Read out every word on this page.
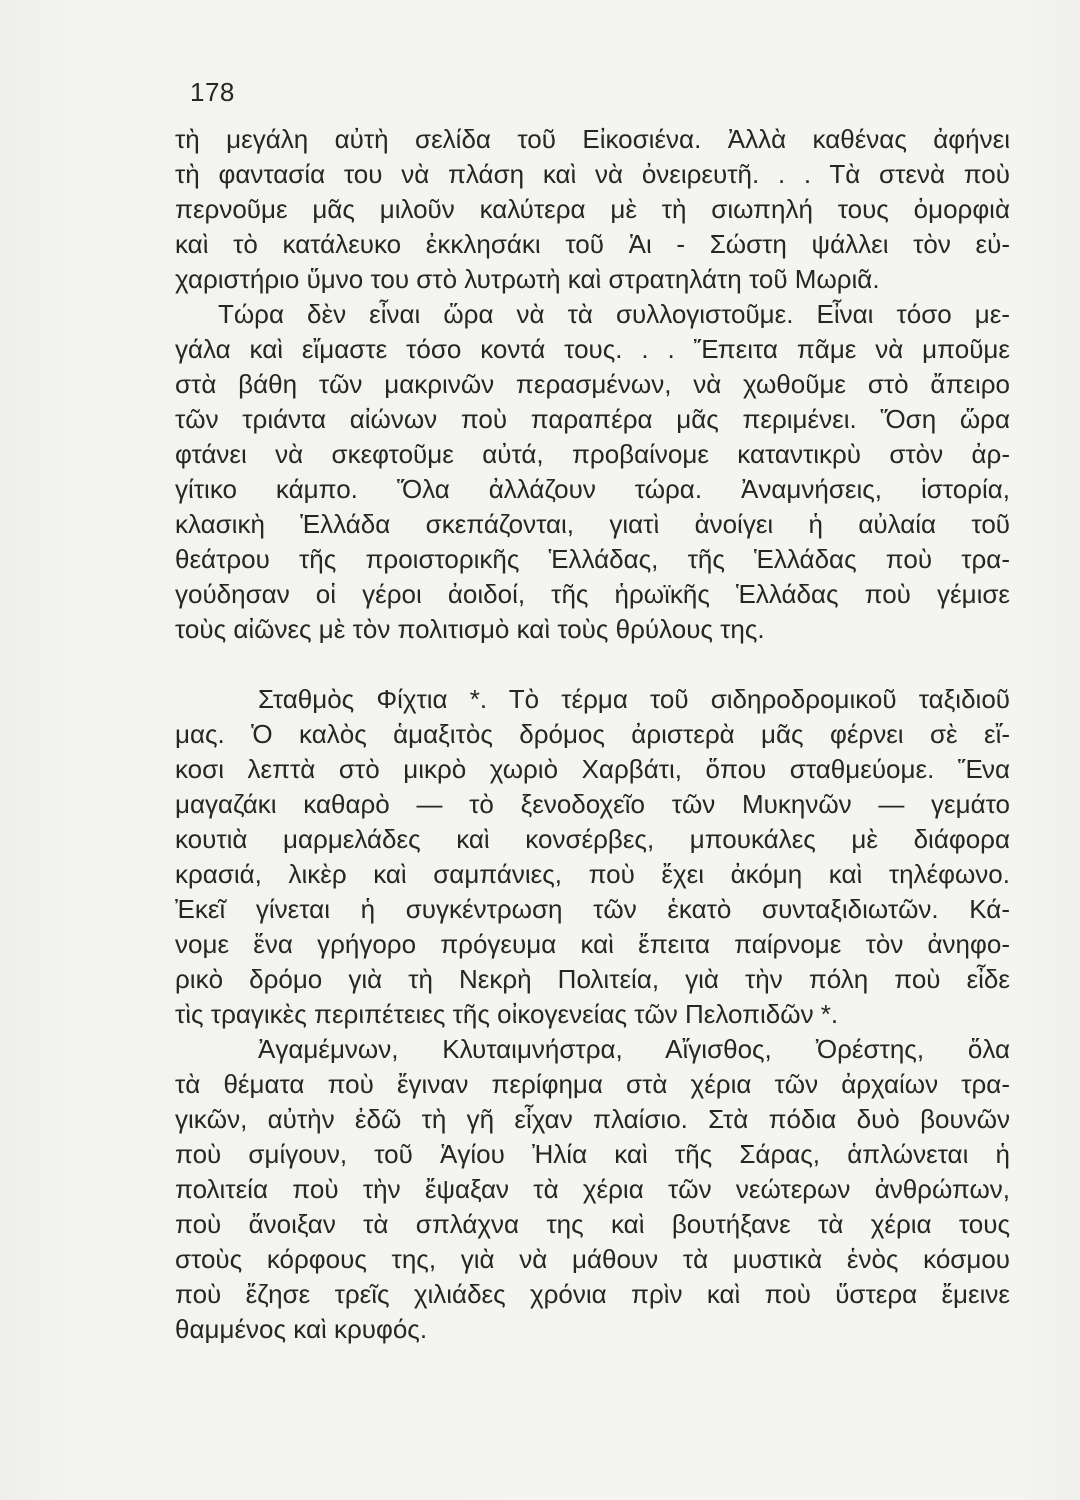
178
τὴ μεγάλη αὐτὴ σελίδα τοῦ Εἰκοσιένα. Ἀλλὰ καθένας ἀφήνει
τὴ φαντασία του νὰ πλάση καὶ νὰ ὀνειρευτῆ. . . Τὰ στενὰ ποὺ
περνοῦμε μᾶς μιλοῦν καλύτερα μὲ τὴ σιωπηλή τους ὀμορφιὰ
καὶ τὸ κατάλευκο ἐκκλησάκι τοῦ Ἁι - Σώστη ψάλλει τὸν εὐ-
χαριστήριο ὕμνο του στὸ λυτρωτὴ καὶ στρατηλάτη τοῦ Μωριᾶ.
Τώρα δὲν εἶναι ὥρα νὰ τὰ συλλογιστοῦμε. Εἶναι τόσο με-
γάλα καὶ εἴμαστε τόσο κοντά τους. . . Ἔπειτα πᾶμε νὰ μποῦμε
στὰ βάθη τῶν μακρινῶν περασμένων, νὰ χωθοῦμε στὸ ἄπειρο
τῶν τριάντα αἰώνων ποὺ παραπέρα μᾶς περιμένει. Ὅση ὥρα
φτάνει νὰ σκεφτοῦμε αὐτά, προβαίνομε καταντικρὺ στὸν ἀρ-
γίτικο κάμπο. Ὅλα ἀλλάζουν τώρα. Ἀναμνήσεις, ἱστορία,
κλασικὴ Ἑλλάδα σκεπάζονται, γιατὶ ἀνοίγει ἡ αὐλαία τοῦ
θεάτρου τῆς προιστορικῆς Ἑλλάδας, τῆς Ἑλλάδας ποὺ τρα-
γούδησαν οἱ γέροι ἀοιδοί, τῆς ἡρωϊκῆς Ἑλλάδας ποὺ γέμισε
τοὺς αἰῶνες μὲ τὸν πολιτισμὸ καὶ τοὺς θρύλους της.
Σταθμὸς Φίχτια *. Τὸ τέρμα τοῦ σιδηροδρομικοῦ ταξιδιοῦ
μας. Ὁ καλὸς ἁμαξιτὸς δρόμος ἀριστερὰ μᾶς φέρνει σὲ εἴ-
κοσι λεπτὰ στὸ μικρὸ χωριὸ Χαρβάτι, ὅπου σταθμεύομε. Ἕνα
μαγαζάκι καθαρὸ — τὸ ξενοδοχεῖο τῶν Μυκηνῶν — γεμάτο
κουτιὰ μαρμελάδες καὶ κονσέρβες, μπουκάλες μὲ διάφορα
κρασιά, λικὲρ καὶ σαμπάνιες, ποὺ ἔχει ἀκόμη καὶ τηλέφωνο.
Ἐκεῖ γίνεται ἡ συγκέντρωση τῶν ἑκατὸ συνταξιδιωτῶν. Κά-
νομε ἕνα γρήγορο πρόγευμα καὶ ἔπειτα παίρνομε τὸν ἀνηφο-
ρικὸ δρόμο γιὰ τὴ Νεκρὴ Πολιτεία, γιὰ τὴν πόλη ποὺ εἶδε
τὶς τραγικὲς περιπέτειες τῆς οἰκογενείας τῶν Πελοπιδῶν *.
Ἀγαμέμνων, Κλυταιμνήστρα, Αἴγισθος, Ὀρέστης, ὅλα
τὰ θέματα ποὺ ἔγιναν περίφημα στὰ χέρια τῶν ἀρχαίων τρα-
γικῶν, αὐτὴν ἐδῶ τὴ γῆ εἶχαν πλαίσιο. Στὰ πόδια δυὸ βουνῶν
ποὺ σμίγουν, τοῦ Ἁγίου Ἠλία καὶ τῆς Σάρας, ἁπλώνεται ἡ
πολιτεία ποὺ τὴν ἔψαξαν τὰ χέρια τῶν νεώτερων ἀνθρώπων,
ποὺ ἄνοιξαν τὰ σπλάχνα της καὶ βουτήξανε τὰ χέρια τους
στοὺς κόρφους της, γιὰ νὰ μάθουν τὰ μυστικὰ ἑνὸς κόσμου
ποὺ ἔζησε τρεῖς χιλιάδες χρόνια πρὶν καὶ ποὺ ὕστερα ἔμεινε
θαμμένος καὶ κρυφός.
